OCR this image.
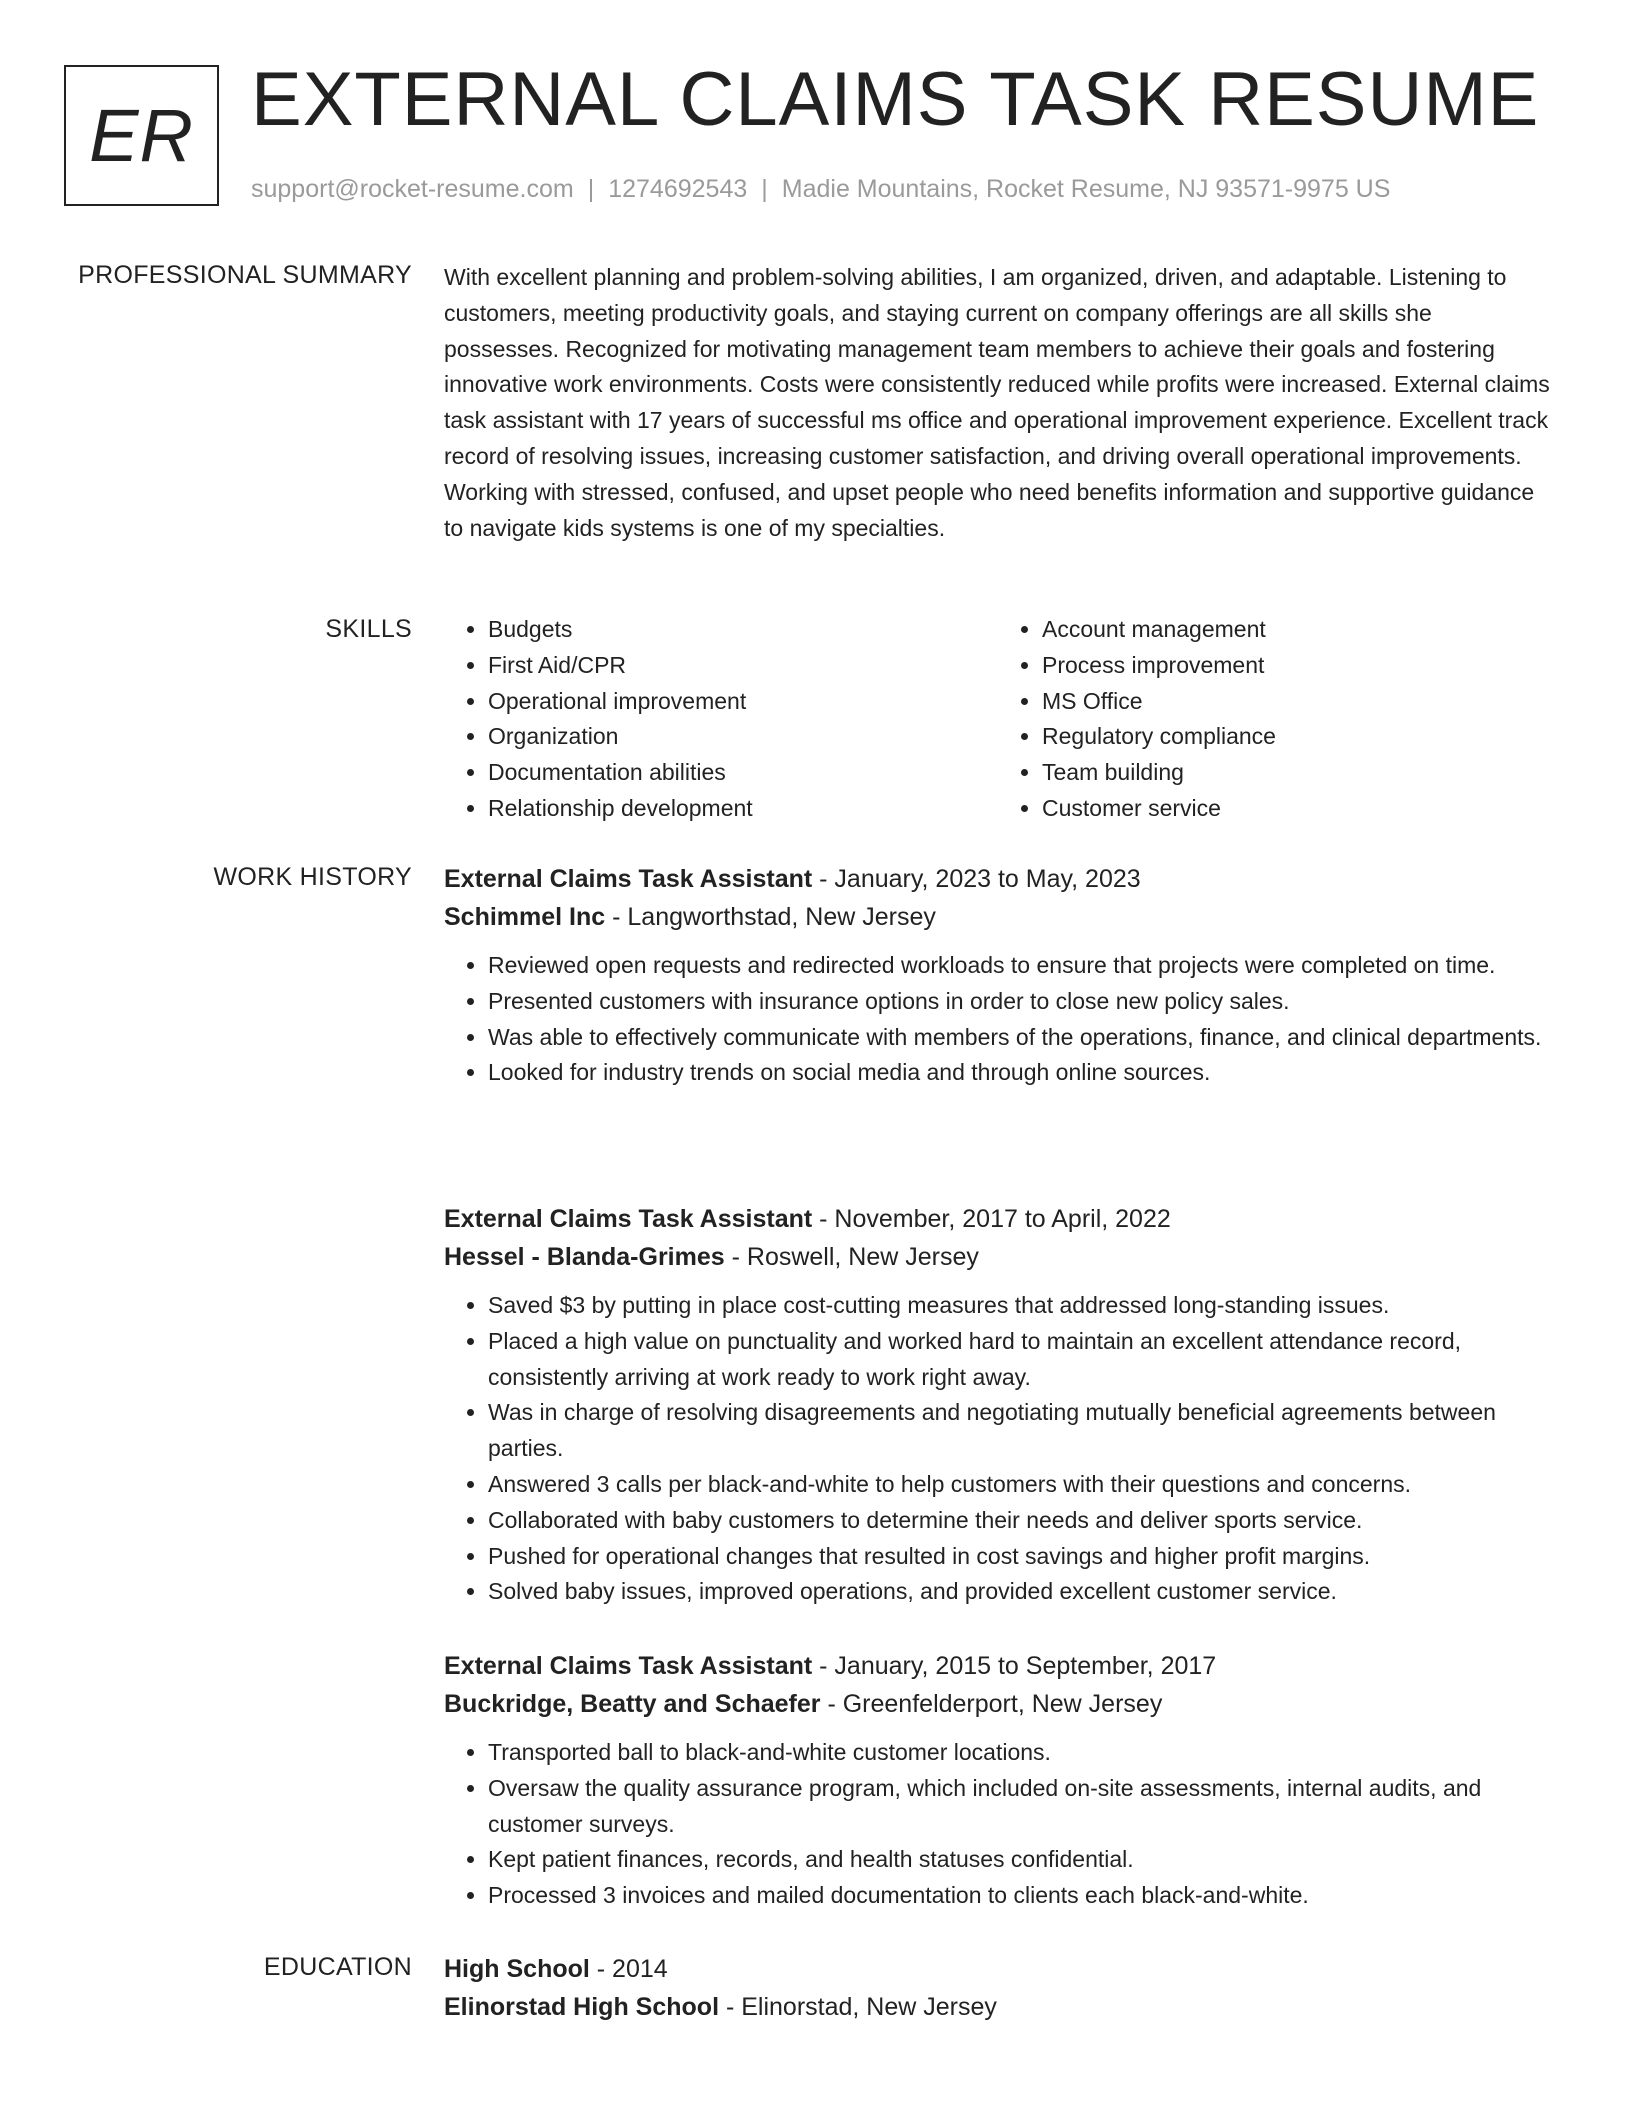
ER EXTERNAL CLAIMS TASK RESUME
support@rocket-resume.com | 1274692543 | Madie Mountains, Rocket Resume, NJ 93571-9975 US
PROFESSIONAL SUMMARY With excellent planning and problem-solving abilities, I am organized, driven, and adaptable. Listening to customers, meeting productivity goals, and staying current on company offerings are all skills she possesses. Recognized for motivating management team members to achieve their goals and fostering innovative work environments. Costs were consistently reduced while profits were increased. External claims task assistant with 17 years of successful ms office and operational improvement experience. Excellent track record of resolving issues, increasing customer satisfaction, and driving overall operational improvements. Working with stressed, confused, and upset people who need benefits information and supportive guidance to navigate kids systems is one of my specialties.

SKILLS
•	Budgets
• First Aid/CPR
• Operational improvement
• Organization
• Documentation abilities
• Relationship development
• Account management
• Process improvement
• MS Office
• Regulatory compliance
• Team building
• Customer service
WORK HISTORY External Claims Task Assistant - January, 2023 to May, 2023
Schimmel Inc - Langworthstad, New Jersey
• Reviewed open requests and redirected workloads to ensure that projects were completed on time.
• Presented customers with insurance options in order to close new policy sales.
• Was able to effectively communicate with members of the operations, finance, and clinical departments.
• Looked for industry trends on social media and through online sources.
External Claims Task Assistant - November, 2017 to April, 2022
Hessel - Blanda-Grimes - Roswell, New Jersey
• Saved $3 by putting in place cost-cutting measures that addressed long-standing issues.
• Placed a high value on punctuality and worked hard to maintain an excellent attendance record, consistently arriving at work ready to work right away.
• Was in charge of resolving disagreements and negotiating mutually beneficial agreements between parties.
• Answered 3 calls per black-and-white to help customers with their questions and concerns.
• Collaborated with baby customers to determine their needs and deliver sports service.
• Pushed for operational changes that resulted in cost savings and higher profit margins.
• Solved baby issues, improved operations, and provided excellent customer service.
External Claims Task Assistant - January, 2015 to September, 2017
Buckridge, Beatty and Schaefer - Greenfelderport, New Jersey
• Transported ball to black-and-white customer locations.
• Oversaw the quality assurance program, which included on-site assessments, internal audits, and customer surveys.
• Kept patient finances, records, and health statuses confidential.
• Processed 3 invoices and mailed documentation to clients each black-and-white.
EDUCATION High School - 2014
Elinorstad High School - Elinorstad, New Jersey
